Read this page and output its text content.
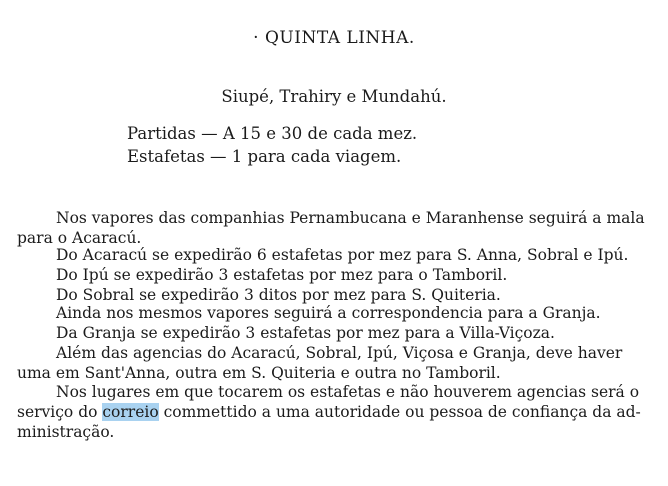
· QUINTA LINHA.
Siupé, Trahiry e Mundahú.
Partidas — A 15 e 30 de cada mez.
Estafetas — 1 para cada viagem.
Nos vapores das companhias Pernambucana e Maranhense seguirá a mala
para o Acaracú.
Do Acaracú se expedirão 6 estafetas por mez para S. Anna, Sobral e Ipú.
Do Ipú se expedirão 3 estafetas por mez para o Tamboril.
Do Sobral se expedirão 3 ditos por mez para S. Quiteria.
Ainda nos mesmos vapores seguirá a correspondencia para a Granja.
Da Granja se expedirão 3 estafetas por mez para a Villa-Viçoza.
Além das agencias do Acaracú, Sobral, Ipú, Viçosa e Granja, deve haver
uma em Sant'Anna, outra em S. Quiteria e outra no Tamboril.
Nos lugares em que tocarem os estafetas e não houverem agencias será o
serviço do correio commettido a uma autoridade ou pessoa de confiança da ad-
ministração.
